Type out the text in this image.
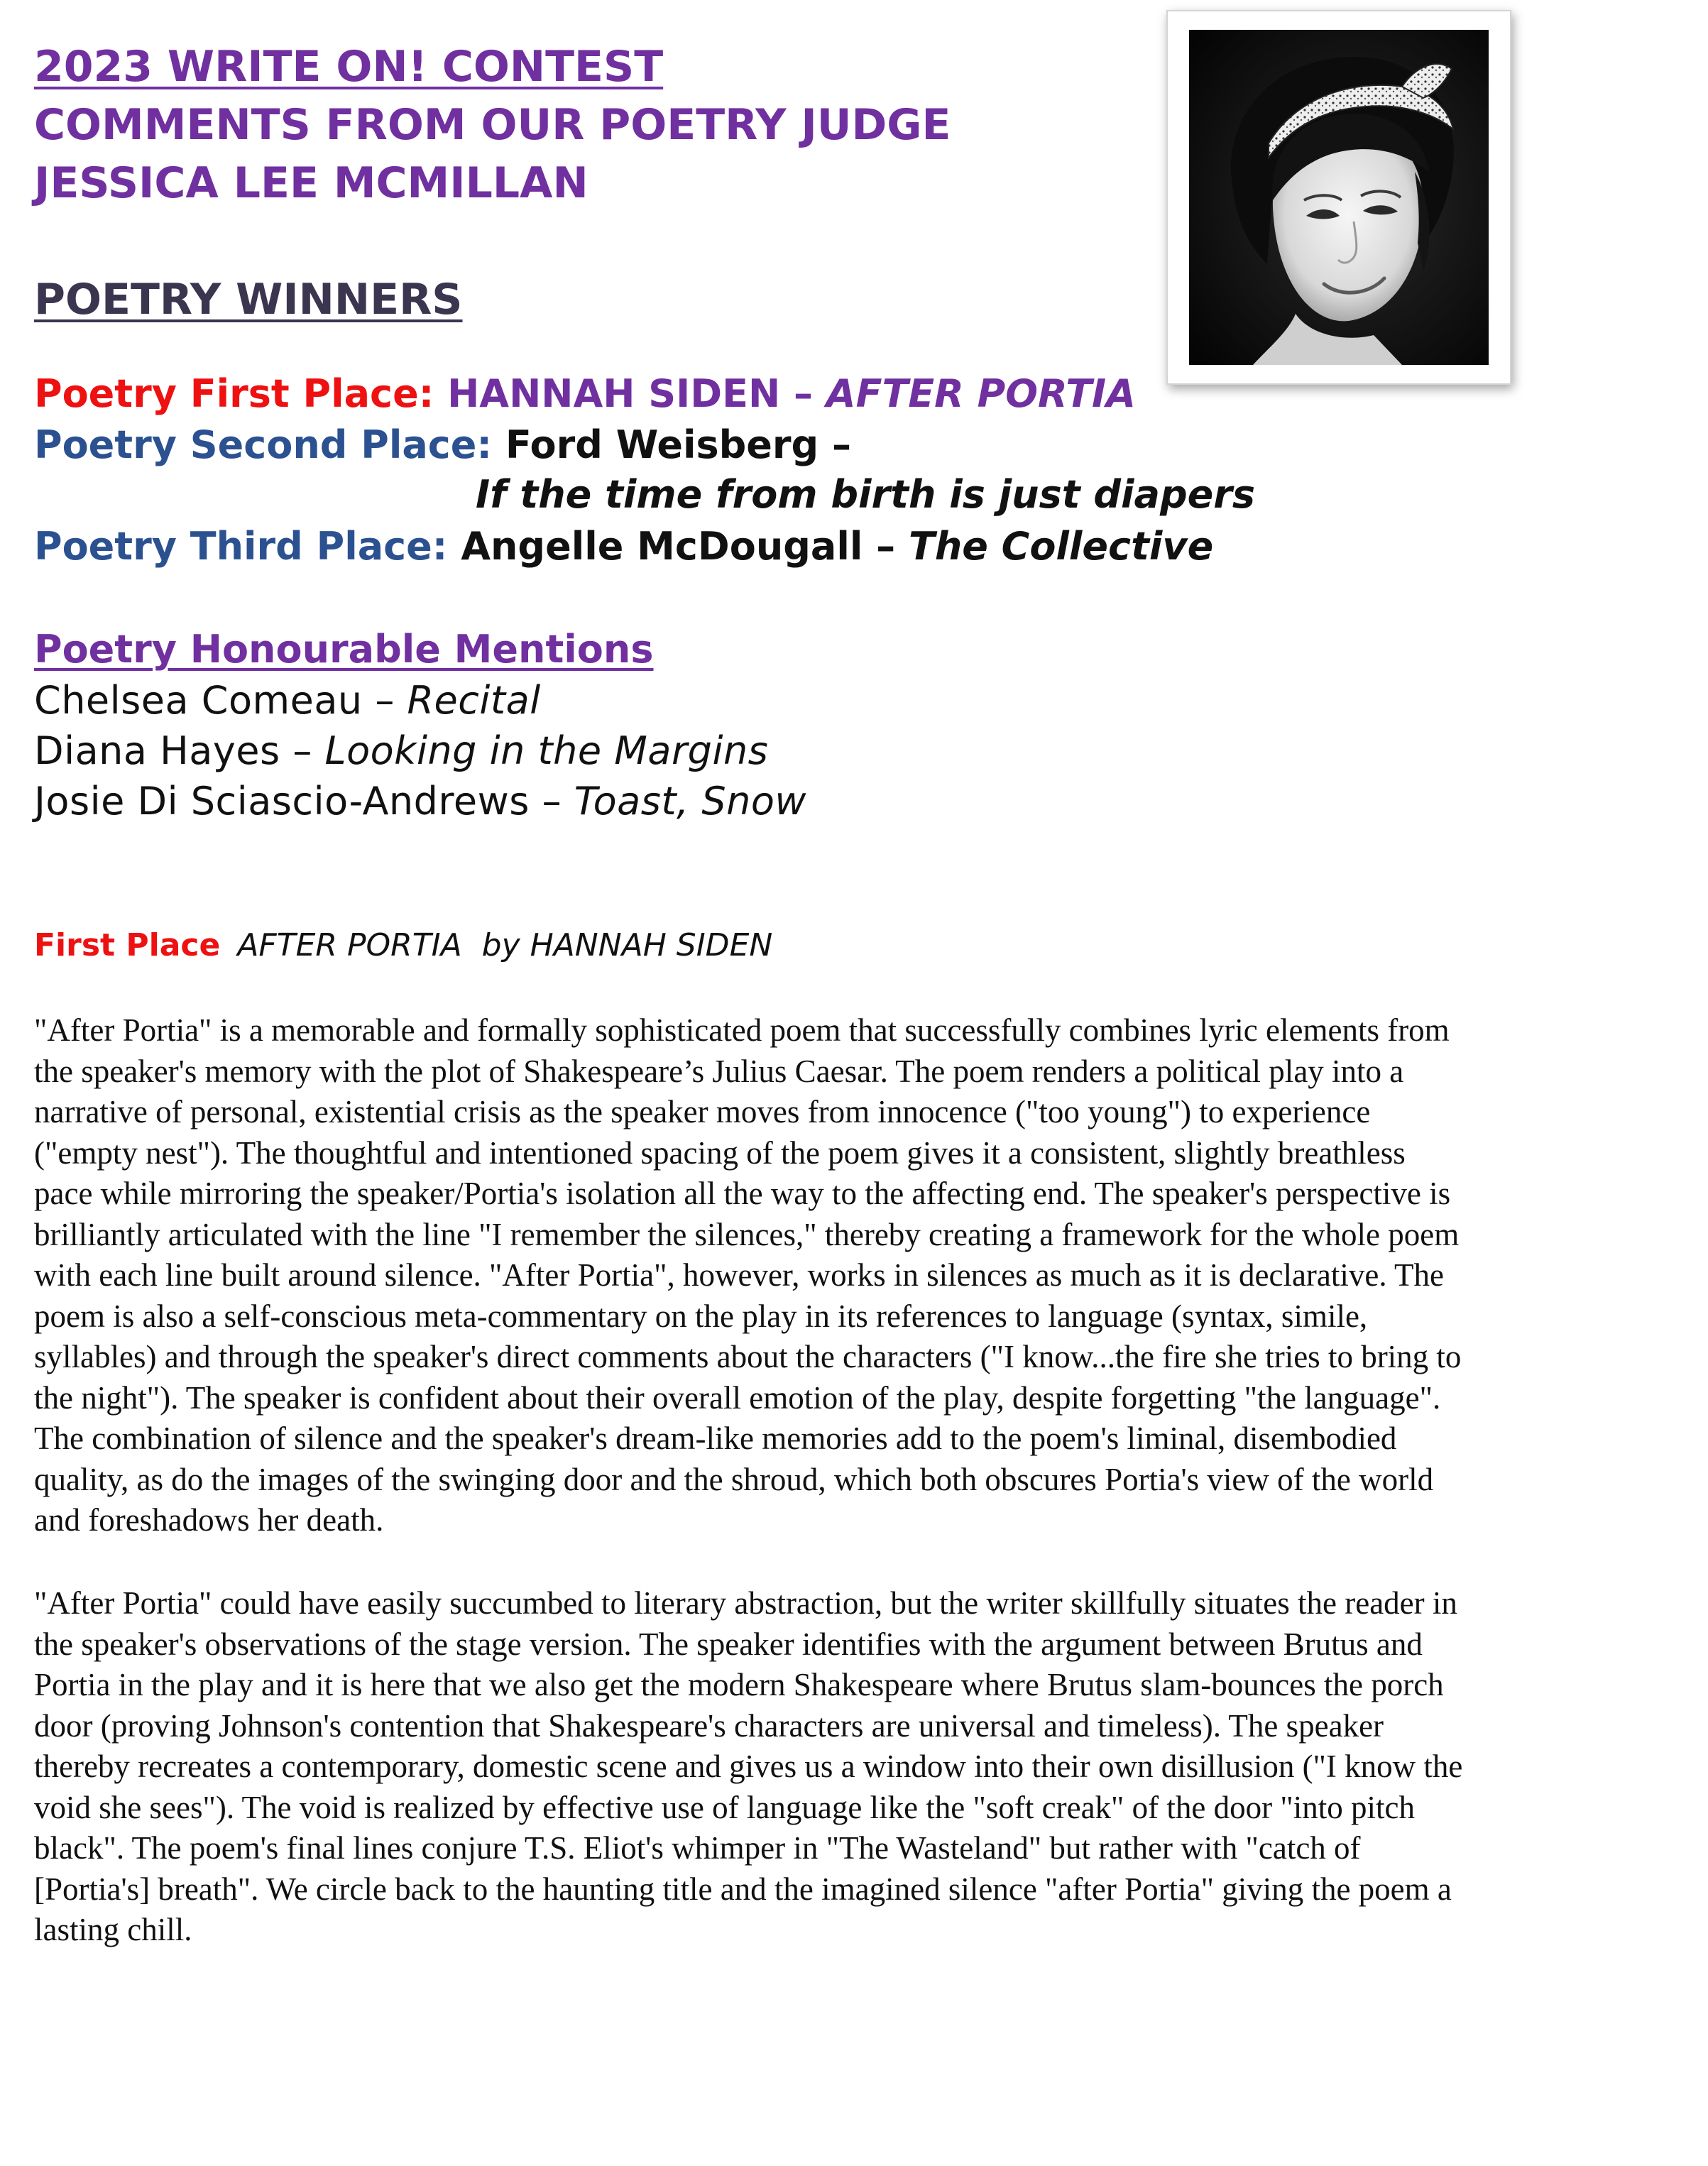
2023 WRITE ON! CONTEST
COMMENTS FROM OUR POETRY JUDGE
JESSICA LEE MCMILLAN
POETRY WINNERS
Poetry First Place: HANNAH SIDEN – AFTER PORTIA
Poetry Second Place: Ford Weisberg –
If the time from birth is just diapers
Poetry Third Place: Angelle McDougall – The Collective
Poetry Honourable Mentions
Chelsea Comeau – Recital
Diana Hayes – Looking in the Margins
Josie Di Sciascio-Andrews – Toast, Snow
First Place AFTER PORTIA  by HANNAH SIDEN
"After Portia" is a memorable and formally sophisticated poem that successfully combines lyric elements from
the speaker's memory with the plot of Shakespeare’s Julius Caesar. The poem renders a political play into a
narrative of personal, existential crisis as the speaker moves from innocence ("too young") to experience
("empty nest"). The thoughtful and intentioned spacing of the poem gives it a consistent, slightly breathless
pace while mirroring the speaker/Portia's isolation all the way to the affecting end. The speaker's perspective is
brilliantly articulated with the line "I remember the silences," thereby creating a framework for the whole poem
with each line built around silence. "After Portia", however, works in silences as much as it is declarative. The
poem is also a self-conscious meta-commentary on the play in its references to language (syntax, simile,
syllables) and through the speaker's direct comments about the characters ("I know...the fire she tries to bring to
the night"). The speaker is confident about their overall emotion of the play, despite forgetting "the language".
The combination of silence and the speaker's dream-like memories add to the poem's liminal, disembodied
quality, as do the images of the swinging door and the shroud, which both obscures Portia's view of the world
and foreshadows her death.
"After Portia" could have easily succumbed to literary abstraction, but the writer skillfully situates the reader in
the speaker's observations of the stage version. The speaker identifies with the argument between Brutus and
Portia in the play and it is here that we also get the modern Shakespeare where Brutus slam-bounces the porch
door (proving Johnson's contention that Shakespeare's characters are universal and timeless). The speaker
thereby recreates a contemporary, domestic scene and gives us a window into their own disillusion ("I know the
void she sees"). The void is realized by effective use of language like the "soft creak" of the door "into pitch
black". The poem's final lines conjure T.S. Eliot's whimper in "The Wasteland" but rather with "catch of
[Portia's] breath". We circle back to the haunting title and the imagined silence "after Portia" giving the poem a
lasting chill.
